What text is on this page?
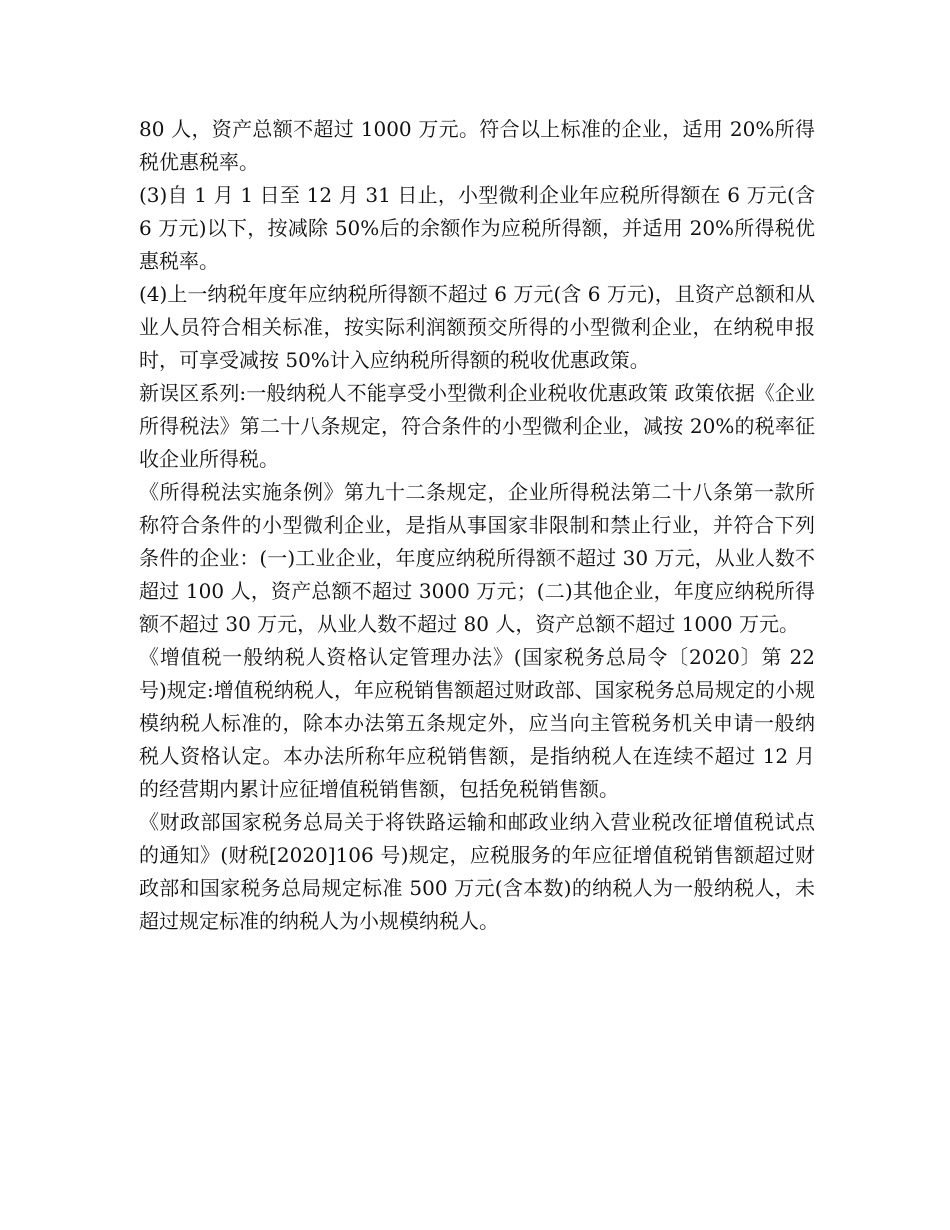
80 人，资产总额不超过 1000 万元。符合以上标准的企业，适用 20%所得税优惠税率。

(3)自 1 月 1 日至 12 月 31 日止，小型微利企业年应税所得额在 6 万元(含 6 万元)以下，按减除 50%后的余额作为应税所得额，并适用 20%所得税优惠税率。

(4)上一纳税年度年应纳税所得额不超过 6 万元(含 6 万元)，且资产总额和从业人员符合相关标准，按实际利润额预交所得的小型微利企业，在纳税申报时，可享受减按 50%计入应纳税所得额的税收优惠政策。

新误区系列:一般纳税人不能享受小型微利企业税收优惠政策 政策依据《企业所得税法》第二十八条规定，符合条件的小型微利企业，减按 20%的税率征收企业所得税。

《所得税法实施条例》第九十二条规定，企业所得税法第二十八条第一款所称符合条件的小型微利企业，是指从事国家非限制和禁止行业，并符合下列条件的企业：(一)工业企业，年度应纳税所得额不超过 30 万元，从业人数不超过 100 人，资产总额不超过 3000 万元；(二)其他企业，年度应纳税所得额不超过 30 万元，从业人数不超过 80 人，资产总额不超过 1000 万元。

《增值税一般纳税人资格认定管理办法》(国家税务总局令〔2020〕第 22 号)规定:增值税纳税人，年应税销售额超过财政部、国家税务总局规定的小规模纳税人标准的，除本办法第五条规定外，应当向主管税务机关申请一般纳税人资格认定。本办法所称年应税销售额，是指纳税人在连续不超过 12 月的经营期内累计应征增值税销售额，包括免税销售额。

《财政部国家税务总局关于将铁路运输和邮政业纳入营业税改征增值税试点的通知》(财税[2020]106 号)规定，应税服务的年应征增值税销售额超过财政部和国家税务总局规定标准 500 万元(含本数)的纳税人为一般纳税人，未超过规定标准的纳税人为小规模纳税人。
